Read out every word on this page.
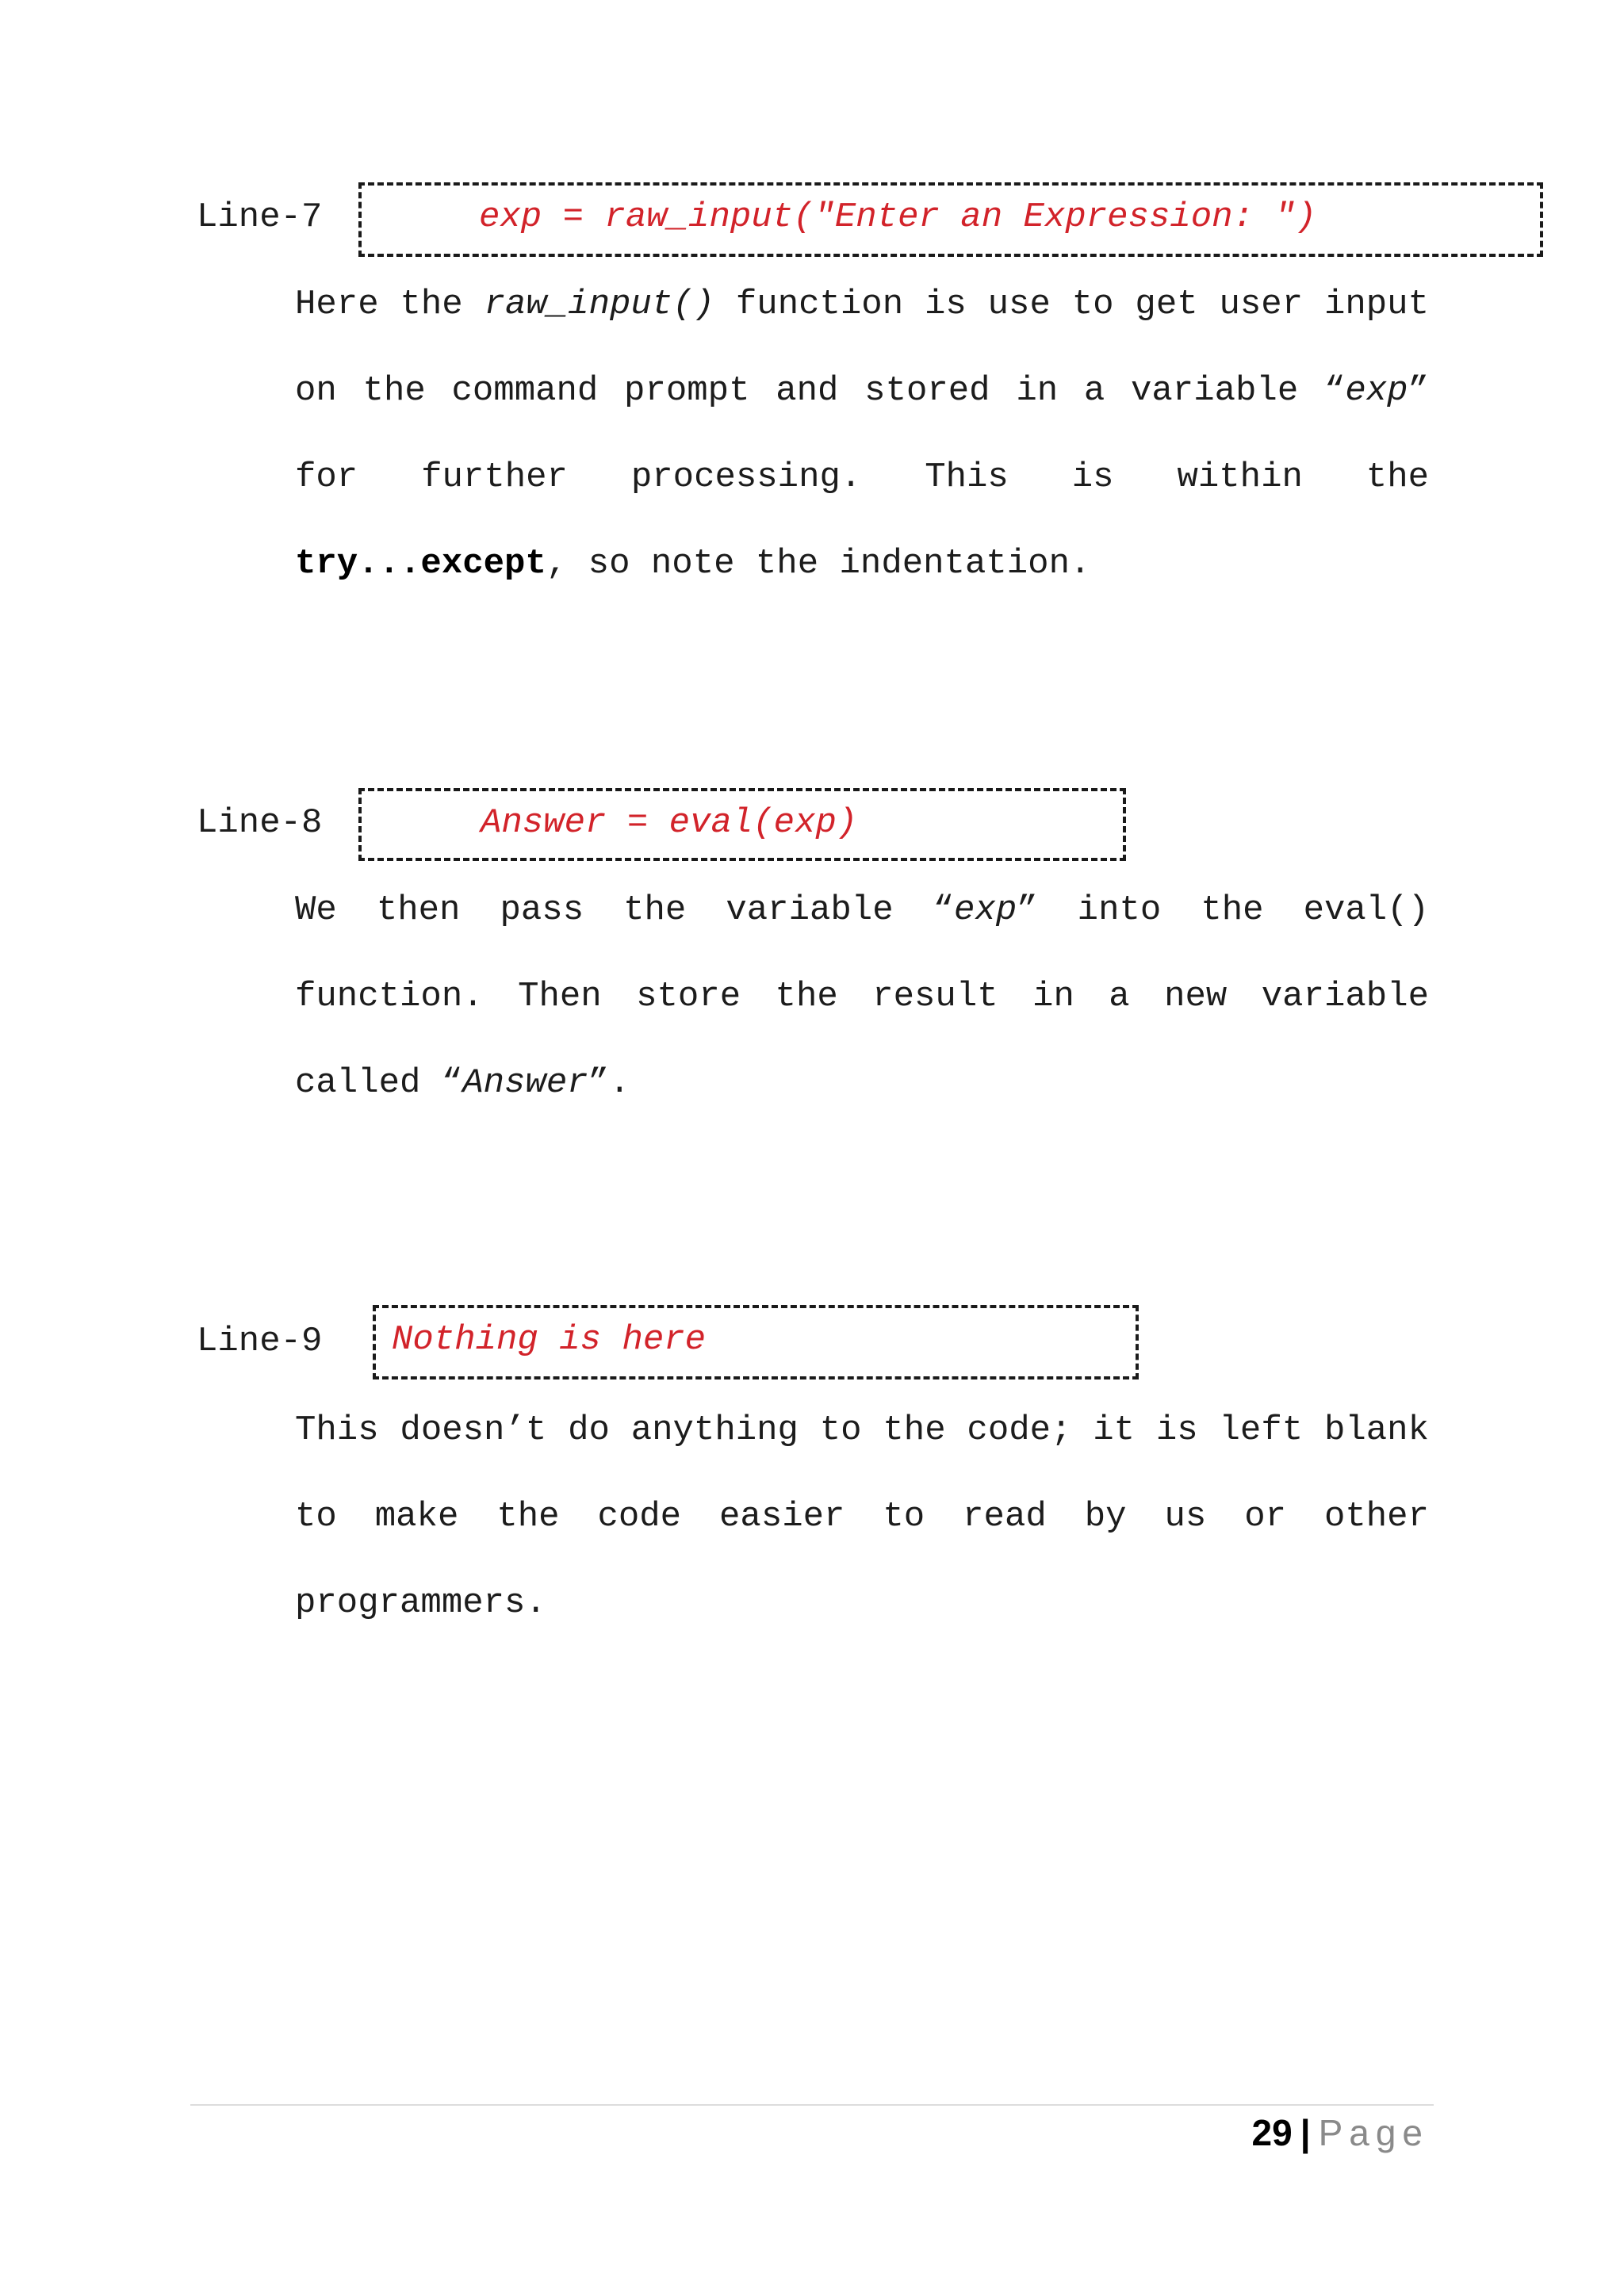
Line-7	exp = raw_input("Enter an Expression: ")
Here the raw_input() function is use to get user input on the command prompt and stored in a variable “exp” for further processing. This is within the try...except, so note the indentation.
Line-8	Answer = eval(exp)
We then pass the variable “exp” into the eval() function. Then store the result in a new variable called “Answer”.
Line-9 Nothing is here
This doesn’t do anything to the code; it is left blank to make the code easier to read by us or other programmers.
29 | Page
